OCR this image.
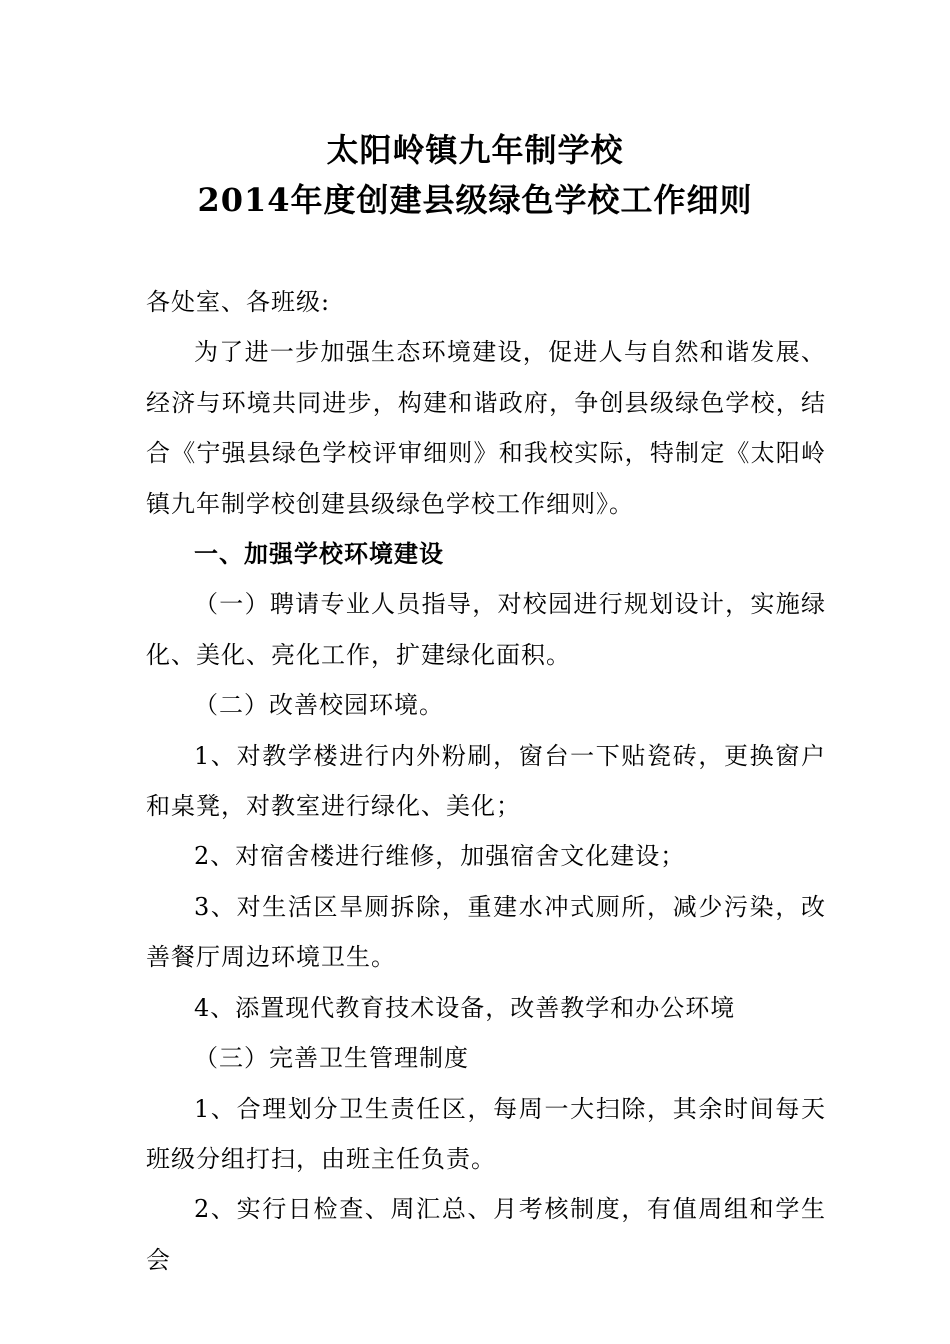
太阳岭镇九年制学校
2014年度创建县级绿色学校工作细则

各处室、各班级:

为了进一步加强生态环境建设，促进人与自然和谐发展、经济与环境共同进步，构建和谐政府，争创县级绿色学校，结合《宁强县绿色学校评审细则》和我校实际，特制定《太阳岭镇九年制学校创建县级绿色学校工作细则》。

一、加强学校环境建设

（一）聘请专业人员指导，对校园进行规划设计，实施绿化、美化、亮化工作，扩建绿化面积。

（二）改善校园环境。

1、对教学楼进行内外粉刷，窗台一下贴瓷砖，更换窗户和桌凳，对教室进行绿化、美化；

2、对宿舍楼进行维修，加强宿舍文化建设；

3、对生活区旱厕拆除，重建水冲式厕所，减少污染，改善餐厅周边环境卫生。

4、添置现代教育技术设备，改善教学和办公环境

（三）完善卫生管理制度

1、合理划分卫生责任区，每周一大扫除，其余时间每天班级分组打扫，由班主任负责。

2、实行日检查、周汇总、月考核制度，有值周组和学生会
